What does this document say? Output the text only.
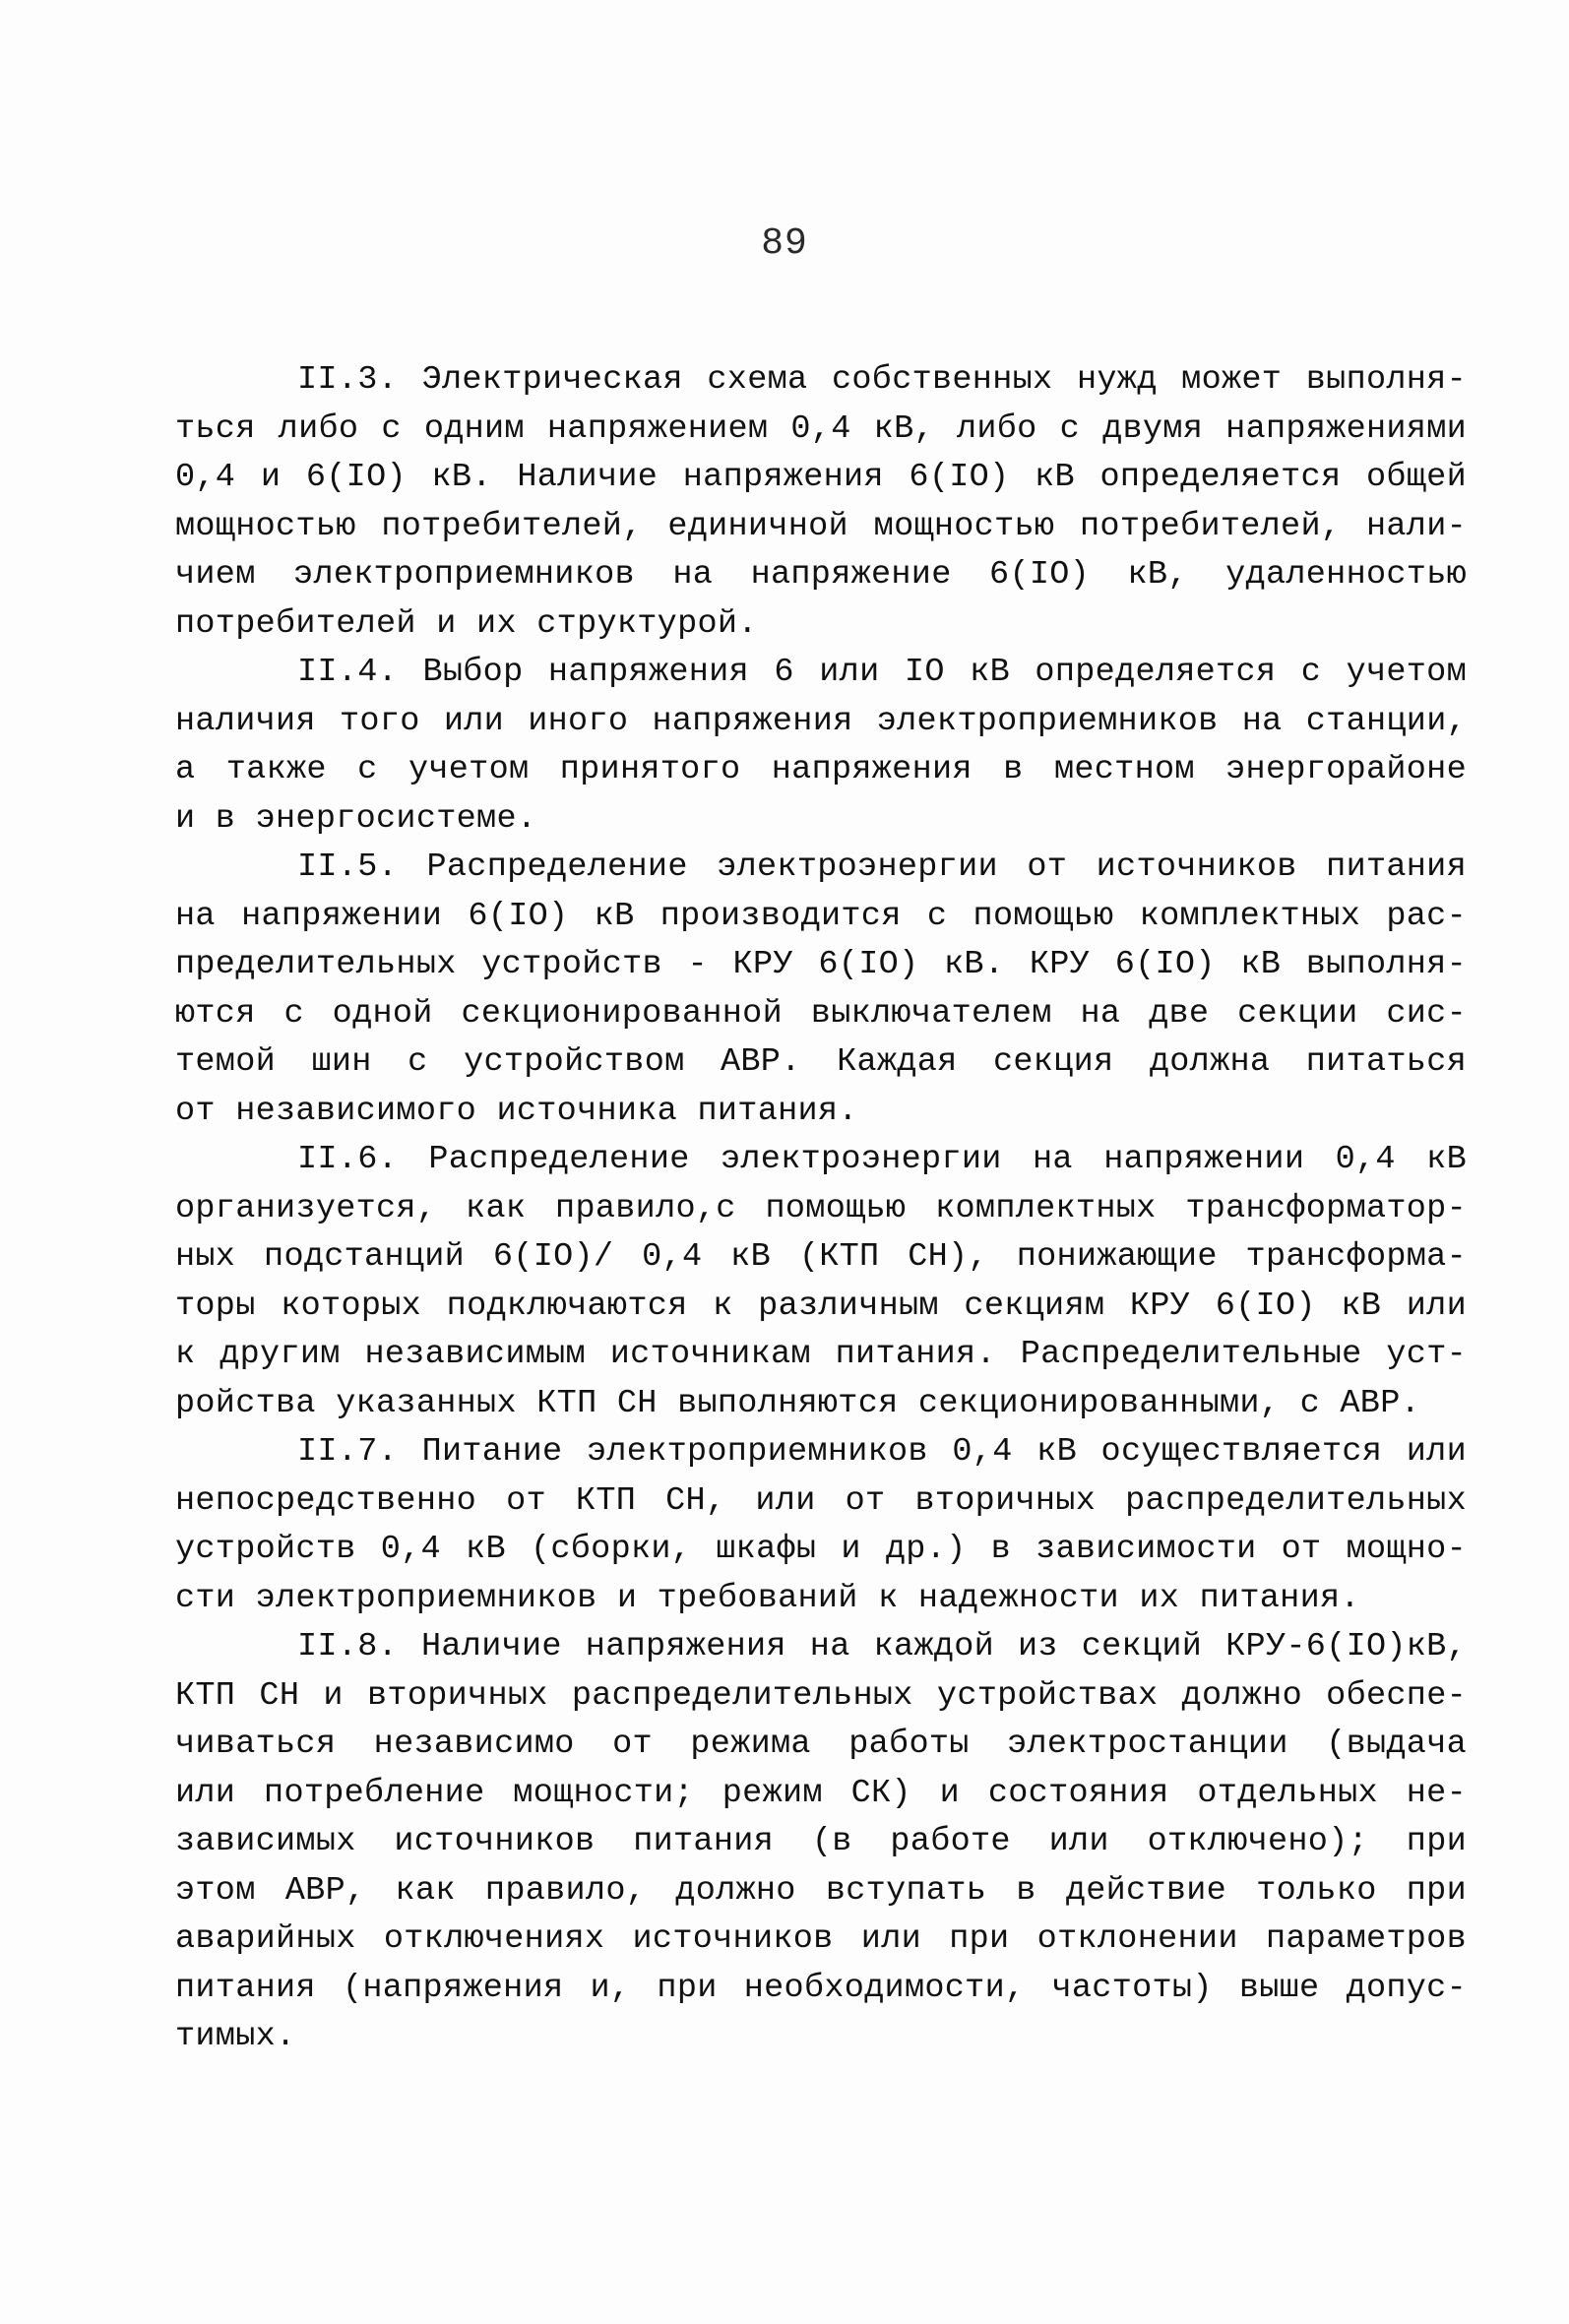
89
II.3. Электрическая схема собственных нужд может выполня-
ться либо с одним напряжением 0,4 кВ, либо с двумя напряжениями
0,4 и 6(IO) кВ. Наличие напряжения 6(IO) кВ определяется общей
мощностью потребителей, единичной мощностью потребителей, нали-
чием электроприемников на напряжение 6(IO) кВ, удаленностью
потребителей и их структурой.
II.4. Выбор напряжения 6 или IO кВ определяется с учетом
наличия того или иного напряжения электроприемников на станции,
а также с учетом принятого напряжения в местном энергорайоне
и в энергосистеме.
II.5. Распределение электроэнергии от источников питания
на напряжении 6(IO) кВ производится с помощью комплектных рас-
пределительных устройств - КРУ 6(IO) кВ. КРУ 6(IO) кВ выполня-
ются с одной секционированной выключателем на две секции сис-
темой шин с устройством АВР. Каждая секция должна питаться
от независимого источника питания.
II.6. Распределение электроэнергии на напряжении 0,4 кВ
организуется, как правило,с помощью комплектных трансформатор-
ных подстанций 6(IO)/ 0,4 кВ (КТП СН), понижающие трансформа-
торы которых подключаются к различным секциям КРУ 6(IO) кВ или
к другим независимым источникам питания. Распределительные уст-
ройства указанных КТП СН выполняются секционированными, с АВР.
II.7. Питание электроприемников 0,4 кВ осуществляется или
непосредственно от КТП СН, или от вторичных распределительных
устройств 0,4 кВ (сборки, шкафы и др.) в зависимости от мощно-
сти электроприемников и требований к надежности их питания.
II.8. Наличие напряжения на каждой из секций КРУ-6(IO)кВ,
КТП СН и вторичных распределительных устройствах должно обеспе-
чиваться независимо от режима работы электростанции (выдача
или потребление мощности; режим СК) и состояния отдельных не-
зависимых источников питания (в работе или отключено); при
этом АВР, как правило, должно вступать в действие только при
аварийных отключениях источников или при отклонении параметров
питания (напряжения и, при необходимости, частоты) выше допус-
тимых.
